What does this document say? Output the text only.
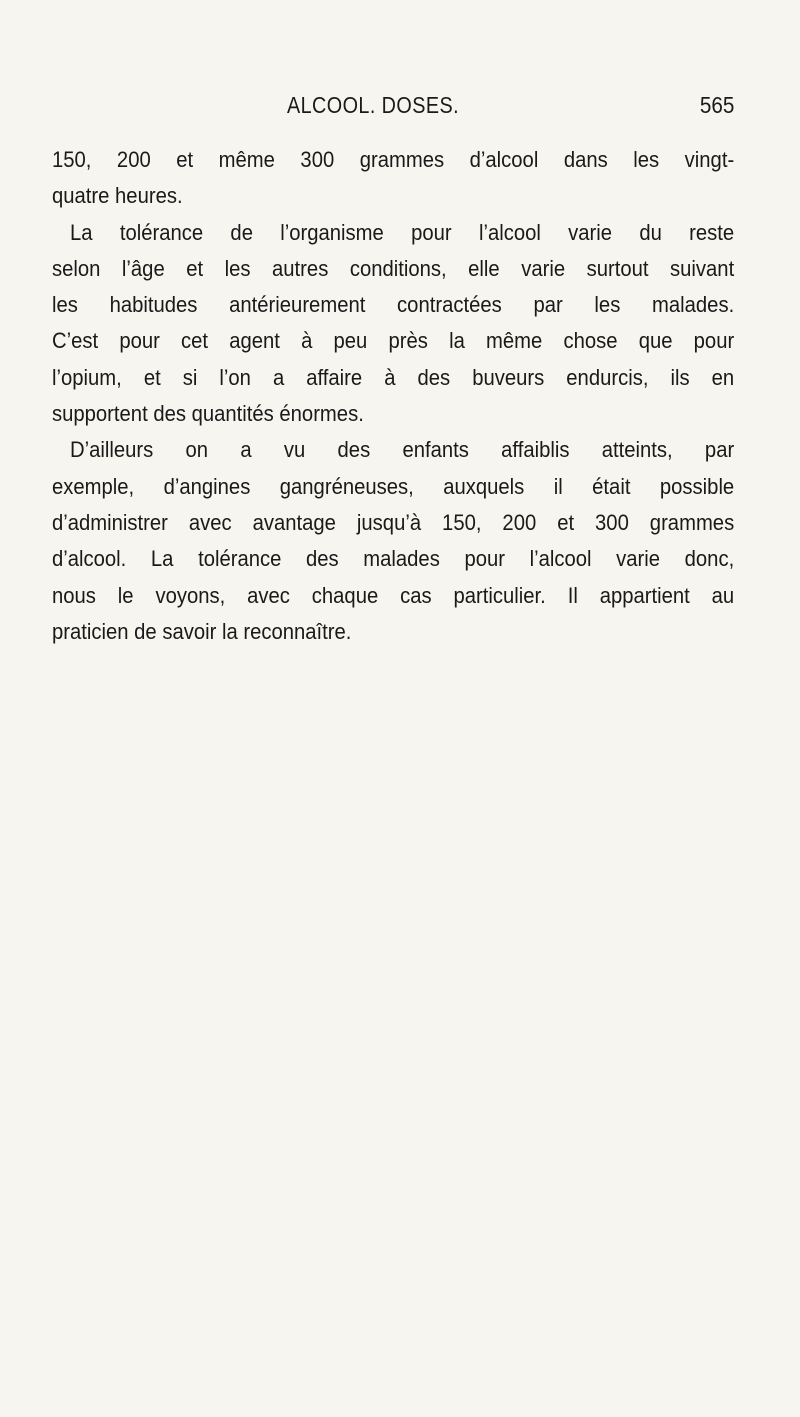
ALCOOL. DOSES.	565
150, 200 et même 300 grammes d’alcool dans les vingt-
quatre heures.
La tolérance de l’organisme pour l’alcool varie du reste
selon l’âge et les autres conditions, elle varie surtout suivant
les habitudes antérieurement contractées par les malades.
C’est pour cet agent à peu près la même chose que pour
l’opium, et si l’on a affaire à des buveurs endurcis, ils en
supportent des quantités énormes.
D’ailleurs on a vu des enfants affaiblis atteints, par
exemple, d’angines gangréneuses, auxquels il était possible
d’administrer avec avantage jusqu’à 150, 200 et 300 grammes
d’alcool. La tolérance des malades pour l’alcool varie donc,
nous le voyons, avec chaque cas particulier. Il appartient au
praticien de savoir la reconnaître.
